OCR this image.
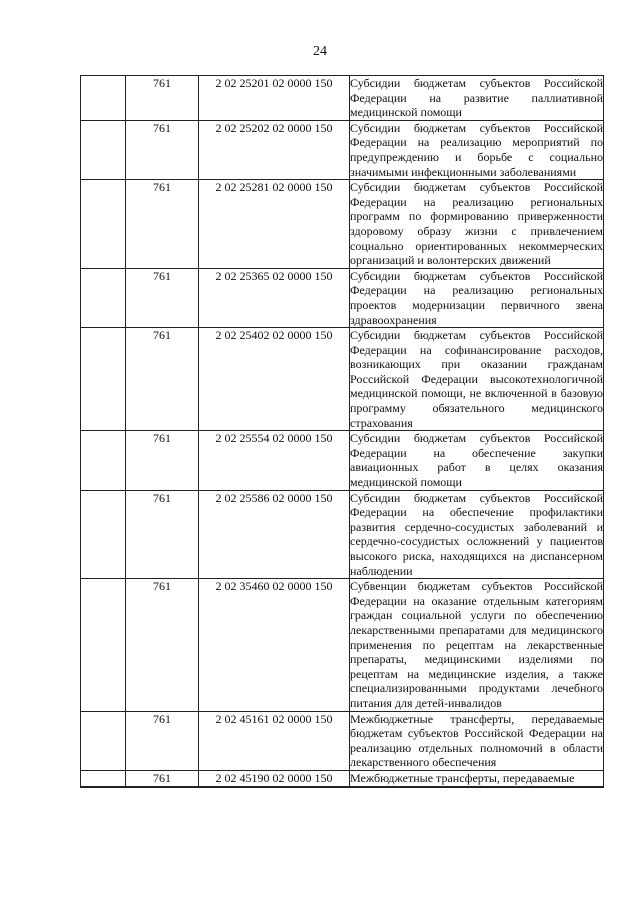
24
	761	2 02 25201 02 0000 150	Субсидии бюджетам субъектов Российской Федерации на развитие паллиативной медицинской помощи
	761	2 02 25202 02 0000 150	Субсидии бюджетам субъектов Российской Федерации на реализацию мероприятий по предупреждению и борьбе с социально значимыми инфекционными заболеваниями
	761	2 02 25281 02 0000 150	Субсидии бюджетам субъектов Российской Федерации на реализацию региональных программ по формированию приверженности здоровому образу жизни с привлечением социально ориентированных некоммерческих организаций и волонтерских движений
	761	2 02 25365 02 0000 150	Субсидии бюджетам субъектов Российской Федерации на реализацию региональных проектов модернизации первичного звена здравоохранения
	761	2 02 25402 02 0000 150	Субсидии бюджетам субъектов Российской Федерации на софинансирование расходов, возникающих при оказании гражданам Российской Федерации высокотехнологичной медицинской помощи, не включенной в базовую программу обязательного медицинского страхования
	761	2 02 25554 02 0000 150	Субсидии бюджетам субъектов Российской Федерации на обеспечение закупки авиационных работ в целях оказания медицинской помощи
	761	2 02 25586 02 0000 150	Субсидии бюджетам субъектов Российской Федерации на обеспечение профилактики развития сердечно-сосудистых заболеваний и сердечно-сосудистых осложнений у пациентов высокого риска, находящихся на диспансерном наблюдении
	761	2 02 35460 02 0000 150	Субвенции бюджетам субъектов Российской Федерации на оказание отдельным категориям граждан социальной услуги по обеспечению лекарственными препаратами для медицинского применения по рецептам на лекарственные препараты, медицинскими изделиями по рецептам на медицинские изделия, а также специализированными продуктами лечебного питания для детей-инвалидов
	761	2 02 45161 02 0000 150	Межбюджетные трансферты, передаваемые бюджетам субъектов Российской Федерации на реализацию отдельных полномочий в области лекарственного обеспечения
	761	2 02 45190 02 0000 150	Межбюджетные трансферты, передаваемые
